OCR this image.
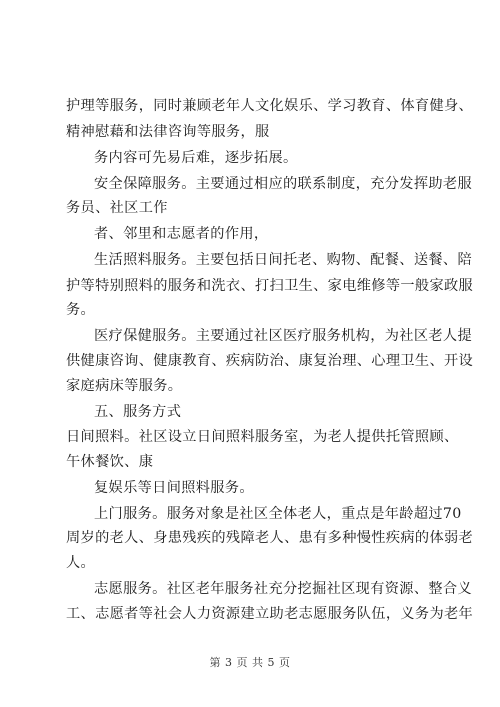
护理等服务，同时兼顾老年人文化娱乐、学习教育、体育健身、
精神慰藉和法律咨询等服务，服
务内容可先易后难，逐步拓展。
安全保障服务。主要通过相应的联系制度，充分发挥助老服
务员、社区工作
者、邻里和志愿者的作用，
生活照料服务。主要包括日间托老、购物、配餐、送餐、陪
护等特别照料的服务和洗衣、打扫卫生、家电维修等一般家政服
务。
医疗保健服务。主要通过社区医疗服务机构，为社区老人提
供健康咨询、健康教育、疾病防治、康复治理、心理卫生、开设
家庭病床等服务。
五、服务方式
日间照料。社区设立日间照料服务室，为老人提供托管照顾、
午休餐饮、康
复娱乐等日间照料服务。
上门服务。服务对象是社区全体老人，重点是年龄超过70
周岁的老人、身患残疾的残障老人、患有多种慢性疾病的体弱老
人。
志愿服务。社区老年服务社充分挖掘社区现有资源、整合义
工、志愿者等社会人力资源建立助老志愿服务队伍，义务为老年
第 3 页 共 5 页
